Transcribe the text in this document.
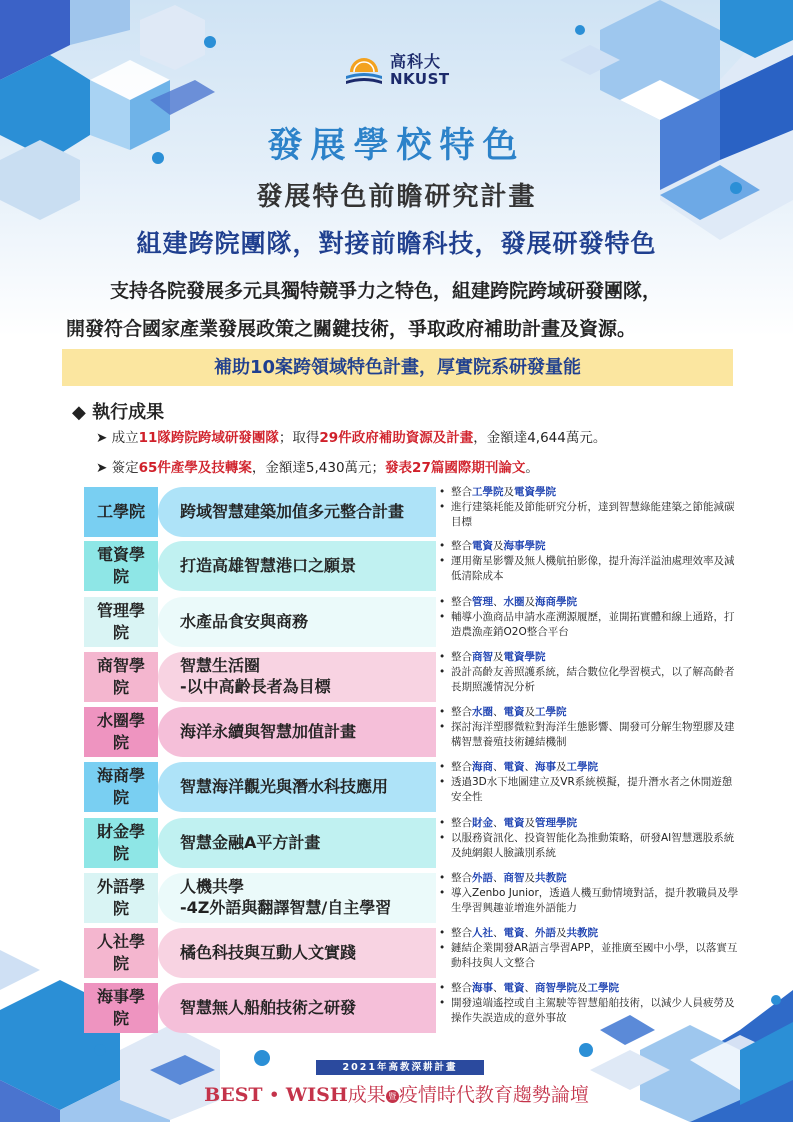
高科大
NKUST
發展學校特色
發展特色前瞻研究計畫
組建跨院團隊，對接前瞻科技，發展研發特色
支持各院發展多元具獨特競爭力之特色，組建跨院跨域研發團隊，
開發符合國家產業發展政策之關鍵技術，爭取政府補助計畫及資源。
補助10案跨領域特色計畫，厚實院系研發量能
◆ 執行成果
➤ 成立11隊跨院跨域研發團隊；取得29件政府補助資源及計畫，金額達4,644萬元。
➤ 簽定65件產學及技轉案，金額達5,430萬元；發表27篇國際期刊論文。
工學院	跨域智慧建築加值多元整合計畫
• 整合工學院及電資學院
• 進行建築耗能及節能研究分析，達到智慧綠能建築之節能減碳目標
電資學院
打造高雄智慧港口之願景
• 整合電資及海事學院
• 運用衛星影響及無人機航拍影像，提升海洋溢油處理效率及減低清除成本
管理學院
水產品食安與商務
• 整合管理、水圈及海商學院
• 輔導小漁商品申請水產溯源履歷，並開拓實體和線上通路，打造農漁產銷O2O整合平台
商智學院
智慧生活圈
-以中高齡長者為目標
• 整合商智及電資學院
• 設計高齡友善照護系統，結合數位化學習模式，以了解高齡者長期照護情況分析
水圈學院
海洋永續與智慧加值計畫
• 整合水圈、電資及工學院
• 探討海洋塑膠微粒對海洋生態影響、開發可分解生物塑膠及建構智慧養殖技術鏈結機制
海商學院
智慧海洋觀光與潛水科技應用
• 整合海商、電資、海事及工學院
• 透過3D水下地圖建立及VR系統模擬，提升潛水者之休閒遊憩安全性
財金學院
智慧金融A平方計畫
• 整合財金、電資及管理學院
• 以服務資訊化、投資智能化為推動策略，研發AI智慧選股系統及純網銀人臉識別系統
外語學院
人機共學
-4Z外語與翻譯智慧/自主學習
• 整合外語、商智及共教院
• 導入Zenbo Junior，透過人機互動情境對話，提升教職員及學生學習興趣並增進外語能力
人社學院
橘色科技與互動人文實踐
• 整合人社、電資、外語及共教院
• 鏈結企業開發AR語言學習APP，並推廣至國中小學，以落實互動科技與人文整合
海事學院
智慧無人船舶技術之研發
• 整合海事、電資、商智學院及工學院
• 開發遠端遙控或自主駕駛等智慧船舶技術，以減少人員疲勞及操作失誤造成的意外事故
2021年高教深耕計畫
BEST • WISH成果 暨 疫情時代教育趨勢論壇
